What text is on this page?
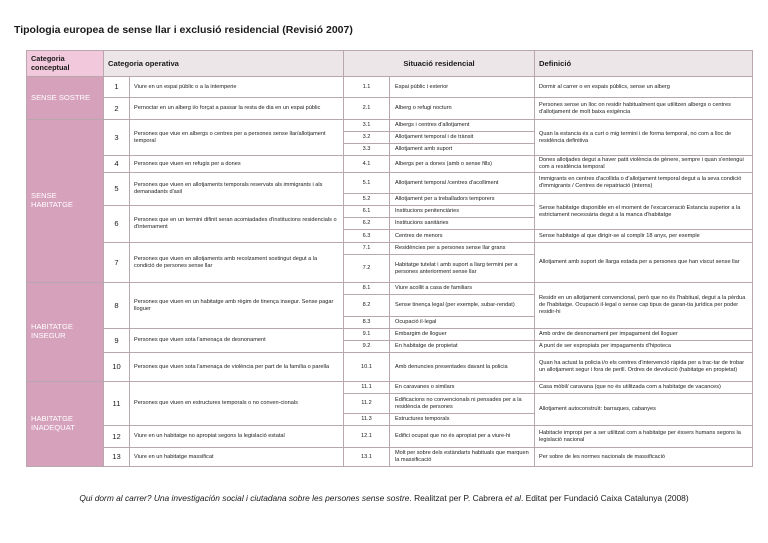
Tipologia europea de sense llar i exclusió residencial (Revisió 2007)
Categoria conceptual	Categoria operativa		Situació residencial		Definició
SENSE SOSTRE	1	Viure en un espai públic o a la intemperie	1.1	Espai públic i exterior	Dormir al carrer o en espais públics, sense un alberg
	2	Pernoctar en un alberg i/o forçat a passar la resta de dia en un espai públic	2.1	Alberg o refugi nocturn	Persones sense un lloc on residir habitualment que utilitzen albergs o centres d'allotjament de molt baixa exigència
SENSE HABITATGE	3	Persones que viue en albergs o centres per a persones sense llar/allotjament temporal	3.1	Albergs i centres d'allotjament	Quan la estancia és a curt o mig termini i de forma temporal, no com a lloc de residència definitiva
			3.2	Allotjament temporal i de trànsit	
			3.3	Allotjament amb suport	
	4	Persones que viuen en refugis per a dones	4.1	Albergs per a dones (amb o sense fills)	Dones allotjades degut a haver patit violència de gènere, sempre i quan s'entengui com a residència temporal
	5	Persones que viuen en allotjaments temporals reservats als immigrants i als demanadants d'asil	5.1	Allotjament temporal /centres d'acolliment	Immigrants en centres d'acollida o d'allotjament temporal degut a la seva condició d'immigrants / Centres de repatriació (interns)
			5.2	Allotjament per a treballadors temporers	Sense habitatge disponible en el moment de l'excarceració Estancia superior a la estrictament necessària degut a la manca d'habitatge
	6	Persones que en un termini difinit seran acomiadades d'institucions residencials o d'internament	6.1	Institucions penitenciàries	
			6.2	Institucions sanitàries	
			6.3	Centres de menors	Sense habitatge al que dirigir-se al complir 18 anys, per exemple
	7	Persones que viuen en allotjaments amb recolzament sostingut degut a la condició de persones sense llar	7.1	Residències per a persones sense llar grans	Allotjament amb suport de llarga estada per a persones que han viscut sense llar
			7.2	Habitatge tutelat i amb suport a llarg termini per a persones anteriorment sense llar	
HABITATGE INSEGUR	8	Persones que viuen en un habitatge amb règim de tinença insegur. Sense pagar lloguer	8.1	Viure acollit a casa de familiars	Residir en un allotjament convencional, però que no és l'habitual, degut a la pèrdua de l'habitatge. Ocupació il·legal o sense cap tipus de garan-tia jurídica per poder residir-hi
			8.2	Sense tinença legal (per exemple, subar-rendat)	
			8.3	Ocupació il·legal	
	9	Persones que viuen sota l'amenaça de desnonament	9.1	Embargim de lloguer	Amb ordre de desnonament per impagament del lloguer
			9.2	En habitatge de propietat	A punt de ser expropiats per impagaments d'hipoteca
	10	Persones que viuen sota l'amenaça de violència per part de la família o parella	10.1	Amb denuncies presentades davant la policia	Quan ha actuat la policia i/o els centres d'intervenció ràpida per a trac-tar de trobar un allotjament segur i fora de perill. Ordres de devolució (habitatge en propietat)
HABITATGE INADEQUAT	11	Persones que viuen en estructures temporals o no conven-cionals	11.1	En caravanes o similars	Casa mòbil/ caravana (que no és utilitzada com a habitatge de vacances)
			11.2	Edificacions no convencionals ni pensades per a la residència de persones	Allotjament autoconstruït: barraques, cabanyes
			11.3	Estructures temporals	
	12	Viure en un habitatge no apropiat segons la legislació estatal	12.1	Edifici ocupat que no és apropiat per a viure-hi	Habitacle impropi per a ser utilitzat com a habitatge per éssers humans segons la legislació nacional
	13	Viure en un habitatge massificat	13.1	Molt per sobre dels estàndarts habituals que marquen la massificació	Per sobre de les normes nacionals de massificació
Qui dorm al carrer? Una investigación social i ciutadana sobre les persones sense sostre. Realitzat per P. Cabrera et al. Editat per Fundació Caixa Catalunya (2008)
